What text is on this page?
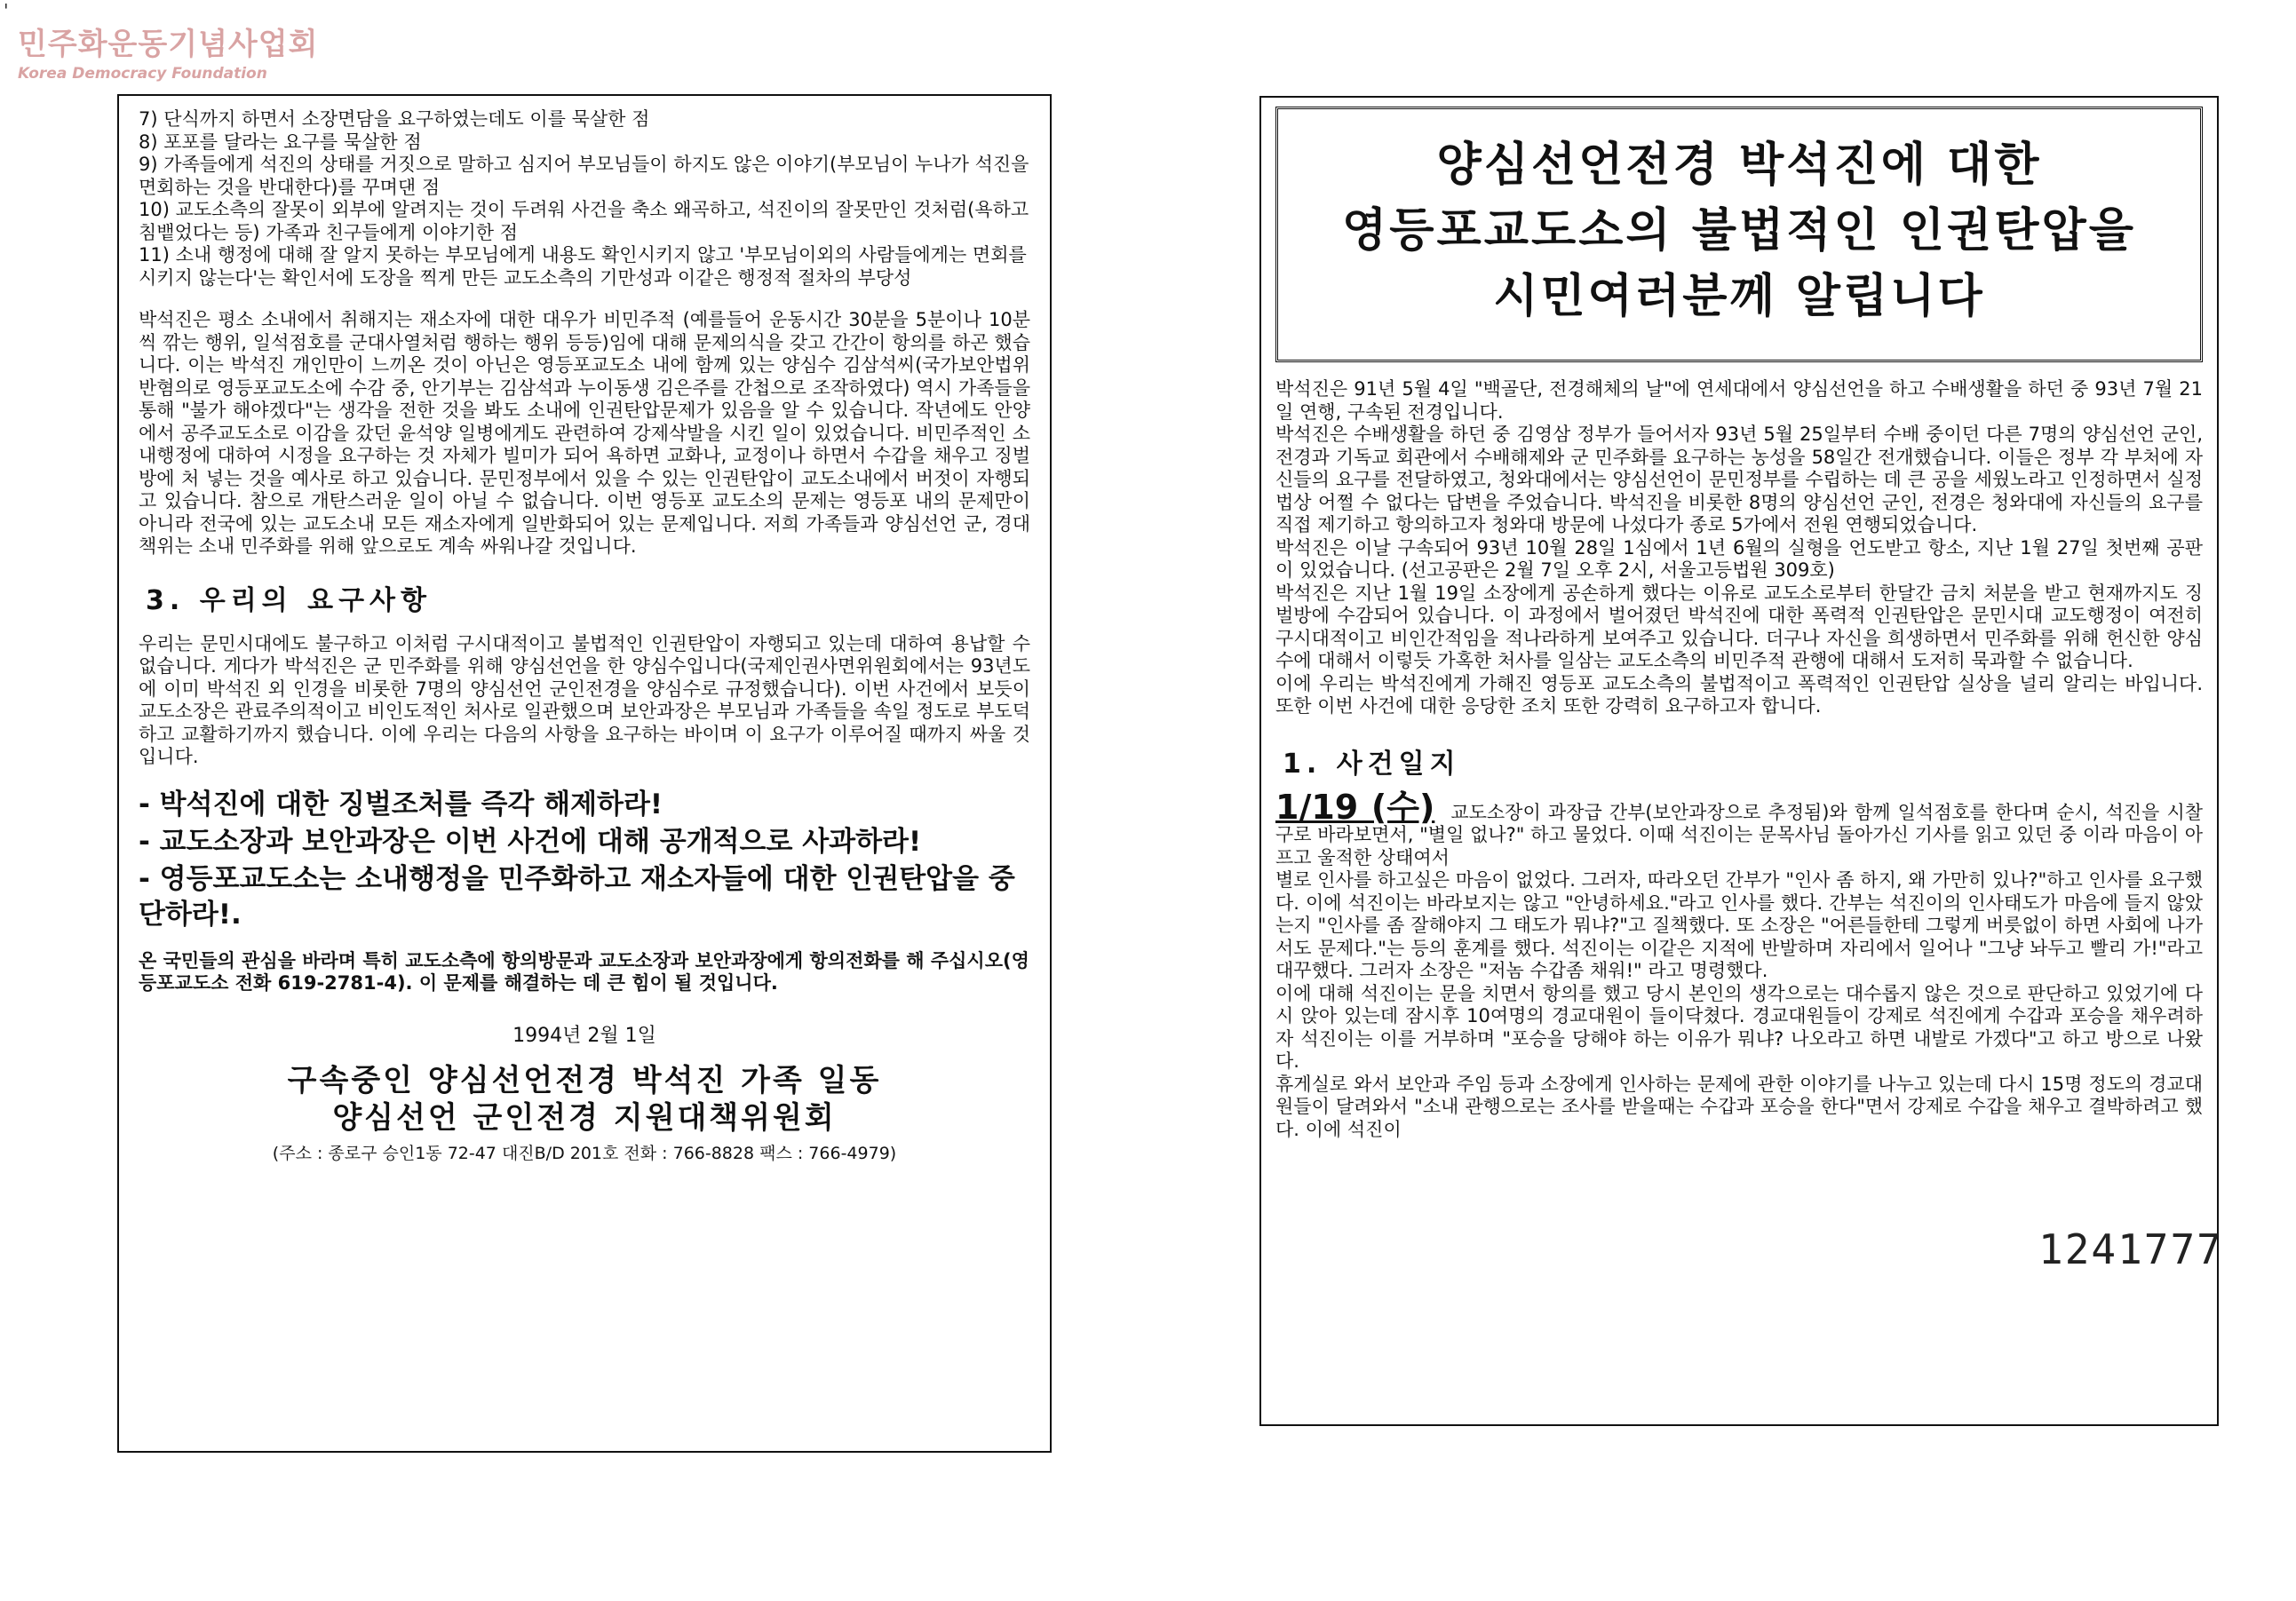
'
민주화운동기념사업회
Korea Democracy Foundation

7) 단식까지 하면서 소장면담을 요구하였는데도 이를 묵살한 점

8) 포포를 달라는 요구를 묵살한 점

9) 가족들에게 석진의 상태를 거짓으로 말하고 심지어 부모님들이 하지도 않은 이야기(부모님이 누나가 석진을 면회하는 것을 반대한다)를 꾸며댄 점

10) 교도소측의 잘못이 외부에 알려지는 것이 두려워 사건을 축소 왜곡하고, 석진이의 잘못만인 것처럼(욕하고 침뱉었다는 등) 가족과 친구들에게 이야기한 점

11) 소내 행정에 대해 잘 알지 못하는 부모님에게 내용도 확인시키지 않고 '부모님이외의 사람들에게는 면회를 시키지 않는다'는 확인서에 도장을 찍게 만든 교도소측의 기만성과 이같은 행정적 절차의 부당성

박석진은 평소 소내에서 취해지는 재소자에 대한 대우가 비민주적 (예를들어 운동시간 30분을 5분이나 10분씩 깎는 행위, 일석점호를 군대사열처럼 행하는 행위 등등)임에 대해 문제의식을 갖고 간간이 항의를 하곤 했습니다. 이는 박석진 개인만이 느끼온 것이 아닌은 영등포교도소 내에 함께 있는 양심수 김삼석씨(국가보안법위반혐의로 영등포교도소에 수감 중, 안기부는 김삼석과 누이동생 김은주를 간첩으로 조작하였다) 역시 가족들을 통해 "불가 해야겠다"는 생각을 전한 것을 봐도 소내에 인권탄압문제가 있음을 알 수 있습니다. 작년에도 안양에서 공주교도소로 이감을 갔던 윤석양 일병에게도 관련하여 강제삭발을 시킨 일이 있었습니다. 비민주적인 소내행정에 대하여 시정을 요구하는 것 자체가 빌미가 되어 욕하면 교화나, 교정이나 하면서 수갑을 채우고 징벌방에 처 넣는 것을 예사로 하고 있습니다. 문민정부에서 있을 수 있는 인권탄압이 교도소내에서 버젓이 자행되고 있습니다. 참으로 개탄스러운 일이 아닐 수 없습니다. 이번 영등포 교도소의 문제는 영등포 내의 문제만이 아니라 전국에 있는 교도소내 모든 재소자에게 일반화되어 있는 문제입니다. 저희 가족들과 양심선언 군, 경대책위는 소내 민주화를 위해 앞으로도 계속 싸워나갈 것입니다.

3. 우리의 요구사항

우리는 문민시대에도 불구하고 이처럼 구시대적이고 불법적인 인권탄압이 자행되고 있는데 대하여 용납할 수 없습니다. 게다가 박석진은 군 민주화를 위해 양심선언을 한 양심수입니다(국제인권사면위원회에서는 93년도에 이미 박석진 외 인경을 비롯한 7명의 양심선언 군인전경을 양심수로 규정했습니다). 이번 사건에서 보듯이 교도소장은 관료주의적이고 비인도적인 처사로 일관했으며 보안과장은 부모님과 가족들을 속일 정도로 부도덕하고 교활하기까지 했습니다. 이에 우리는 다음의 사항을 요구하는 바이며 이 요구가 이루어질 때까지 싸울 것입니다.

- 박석진에 대한 징벌조처를 즉각 해제하라!

- 교도소장과 보안과장은 이번 사건에 대해 공개적으로 사과하라!

- 영등포교도소는 소내행정을 민주화하고 재소자들에 대한 인권탄압을 중단하라!.

온 국민들의 관심을 바라며 특히 교도소측에 항의방문과 교도소장과 보안과장에게 항의전화를 해 주십시오(영등포교도소 전화 619-2781-4). 이 문제를 해결하는 데 큰 힘이 될 것입니다.

1994년 2월 1일
구속중인 양심선언전경 박석진 가족 일동
양심선언 군인전경 지원대책위원회
(주소 : 종로구 승인1동 72-47 대진B/D 201호 전화 : 766-8828 팩스 : 766-4979)

양심선언전경 박석진에 대한

영등포교도소의 불법적인 인권탄압을

시민여러분께 알립니다

박석진은 91년 5월 4일 "백골단, 전경해체의 날"에 연세대에서 양심선언을 하고 수배생활을 하던 중 93년 7월 21일 연행, 구속된 전경입니다.

박석진은 수배생활을 하던 중 김영삼 정부가 들어서자 93년 5월 25일부터 수배 중이던 다른 7명의 양심선언 군인, 전경과 기독교 회관에서 수배해제와 군 민주화를 요구하는 농성을 58일간 전개했습니다. 이들은 정부 각 부처에 자신들의 요구를 전달하였고, 청와대에서는 양심선언이 문민정부를 수립하는 데 큰 공을 세웠노라고 인정하면서 실정법상 어쩔 수 없다는 답변을 주었습니다. 박석진을 비롯한 8명의 양심선언 군인, 전경은 청와대에 자신들의 요구를 직접 제기하고 항의하고자 청와대 방문에 나섰다가 종로 5가에서 전원 연행되었습니다.

박석진은 이날 구속되어 93년 10월 28일 1심에서 1년 6월의 실형을 언도받고 항소, 지난 1월 27일 첫번째 공판이 있었습니다. (선고공판은 2월 7일 오후 2시, 서울고등법원 309호)

박석진은 지난 1월 19일 소장에게 공손하게 했다는 이유로 교도소로부터 한달간 금치 처분을 받고 현재까지도 징벌방에 수감되어 있습니다. 이 과정에서 벌어졌던 박석진에 대한 폭력적 인권탄압은 문민시대 교도행정이 여전히 구시대적이고 비인간적임을 적나라하게 보여주고 있습니다. 더구나 자신을 희생하면서 민주화를 위해 헌신한 양심수에 대해서 이렇듯 가혹한 처사를 일삼는 교도소측의 비민주적 관행에 대해서 도저히 묵과할 수 없습니다.

이에 우리는 박석진에게 가해진 영등포 교도소측의 불법적이고 폭력적인 인권탄압 실상을 널리 알리는 바입니다. 또한 이번 사건에 대한 응당한 조치 또한 강력히 요구하고자 합니다.

1. 사건일지

1/19 (수) 교도소장이 과장급 간부(보안과장으로 추정됨)와 함께 일석점호를 한다며 순시, 석진을 시찰구로 바라보면서, "별일 없나?" 하고 물었다. 이때 석진이는 문목사님 돌아가신 기사를 읽고 있던 중 이라 마음이 아프고 울적한 상태여서

별로 인사를 하고싶은 마음이 없었다. 그러자, 따라오던 간부가 "인사 좀 하지, 왜 가만히 있나?"하고 인사를 요구했다. 이에 석진이는 바라보지는 않고 "안녕하세요."라고 인사를 했다. 간부는 석진이의 인사태도가 마음에 들지 않았는지 "인사를 좀 잘해야지 그 태도가 뭐냐?"고 질책했다. 또 소장은 "어른들한테 그렇게 버릇없이 하면 사회에 나가서도 문제다."는 등의 훈계를 했다. 석진이는 이같은 지적에 반발하며 자리에서 일어나 "그냥 놔두고 빨리 가!"라고 대꾸했다. 그러자 소장은 "저놈 수갑좀 채워!" 라고 명령했다.

이에 대해 석진이는 문을 치면서 항의를 했고 당시 본인의 생각으로는 대수롭지 않은 것으로 판단하고 있었기에 다시 앉아 있는데 잠시후 10여명의 경교대원이 들이닥쳤다. 경교대원들이 강제로 석진에게 수갑과 포승을 채우려하자 석진이는 이를 거부하며 "포승을 당해야 하는 이유가 뭐냐? 나오라고 하면 내발로 가겠다"고 하고 방으로 나왔다.

휴게실로 와서 보안과 주임 등과 소장에게 인사하는 문제에 관한 이야기를 나누고 있는데 다시 15명 정도의 경교대원들이 달려와서 "소내 관행으로는 조사를 받을때는 수갑과 포승을 한다"면서 강제로 수갑을 채우고 결박하려고 했다. 이에 석진이

1241777
